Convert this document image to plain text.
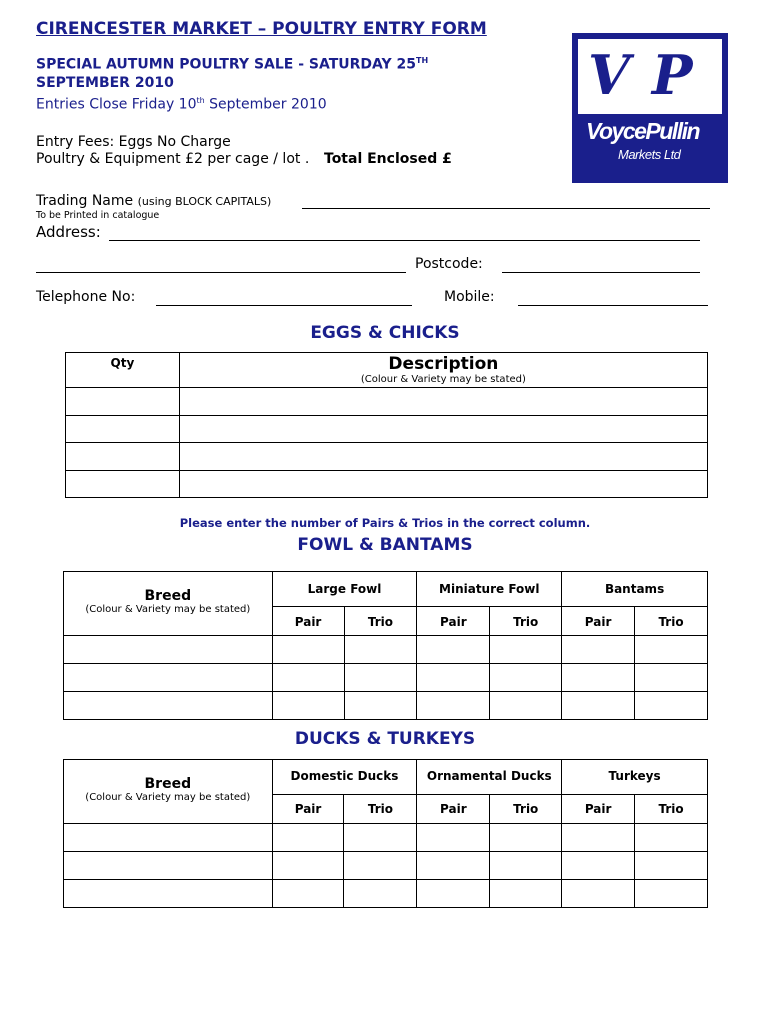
CIRENCESTER MARKET – POULTRY ENTRY FORM
SPECIAL AUTUMN POULTRY SALE - SATURDAY 25TH
SEPTEMBER 2010
Entries Close Friday 10th September 2010
Entry Fees: Eggs No Charge
Poultry & Equipment £2 per cage / lot . Total Enclosed £
VP
VoycePullin
Markets Ltd
Trading Name (using BLOCK CAPITALS)
To be Printed in catalogue
Address:
Postcode:
Telephone No:	Mobile:
EGGS & CHICKS
Qty	Description
(Colour & Variety may be stated)

Please enter the number of Pairs & Trios in the correct column.
FOWL & BANTAMS
Breed
(Colour & Variety may be stated)	Large Fowl		Miniature Fowl		Bantams	
	Pair	Trio	Pair	Trio	Pair	Trio

DUCKS & TURKEYS
Breed
(Colour & Variety may be stated)	Domestic Ducks		Ornamental Ducks		Turkeys	
	Pair	Trio	Pair	Trio	Pair	Trio
